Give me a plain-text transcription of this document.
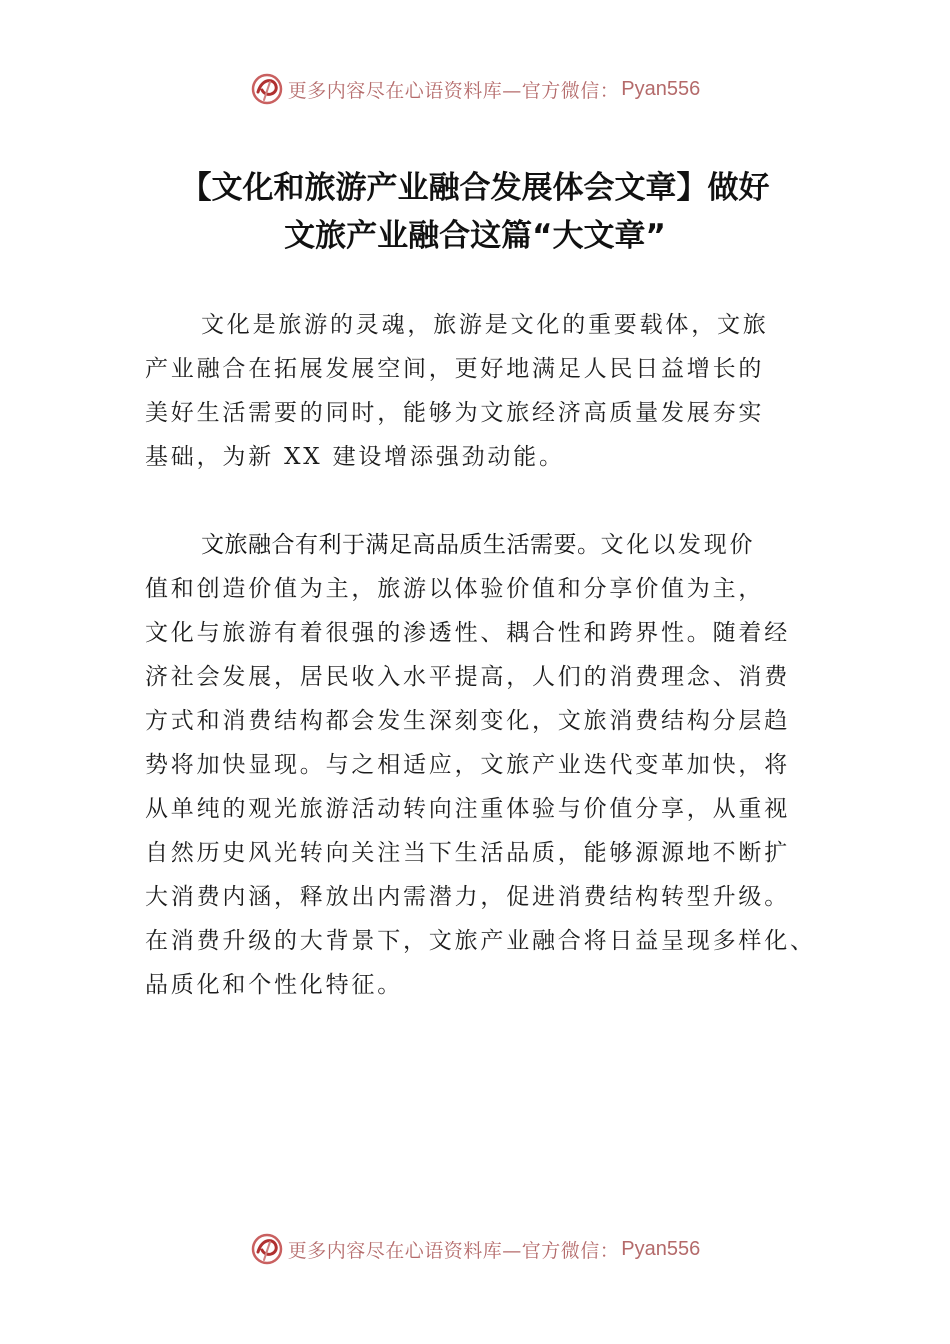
更多内容尽在心语资料库—官方微信： Pyan556
【文化和旅游产业融合发展体会文章】做好
文旅产业融合这篇“大文章”

文化是旅游的灵魂，旅游是文化的重要载体，文旅
产业融合在拓展发展空间，更好地满足人民日益增长的
美好生活需要的同时，能够为文旅经济高质量发展夯实
基础，为新 XX 建设增添强劲动能。

文旅融合有利于满足高品质生活需要。文化以发现价
值和创造价值为主，旅游以体验价值和分享价值为主，
文化与旅游有着很强的渗透性、耦合性和跨界性。随着经
济社会发展，居民收入水平提高，人们的消费理念、消费
方式和消费结构都会发生深刻变化，文旅消费结构分层趋
势将加快显现。与之相适应，文旅产业迭代变革加快，将
从单纯的观光旅游活动转向注重体验与价值分享，从重视
自然历史风光转向关注当下生活品质，能够源源地不断扩
大消费内涵，释放出内需潜力，促进消费结构转型升级。
在消费升级的大背景下，文旅产业融合将日益呈现多样化、
品质化和个性化特征。

更多内容尽在心语资料库—官方微信： Pyan556
